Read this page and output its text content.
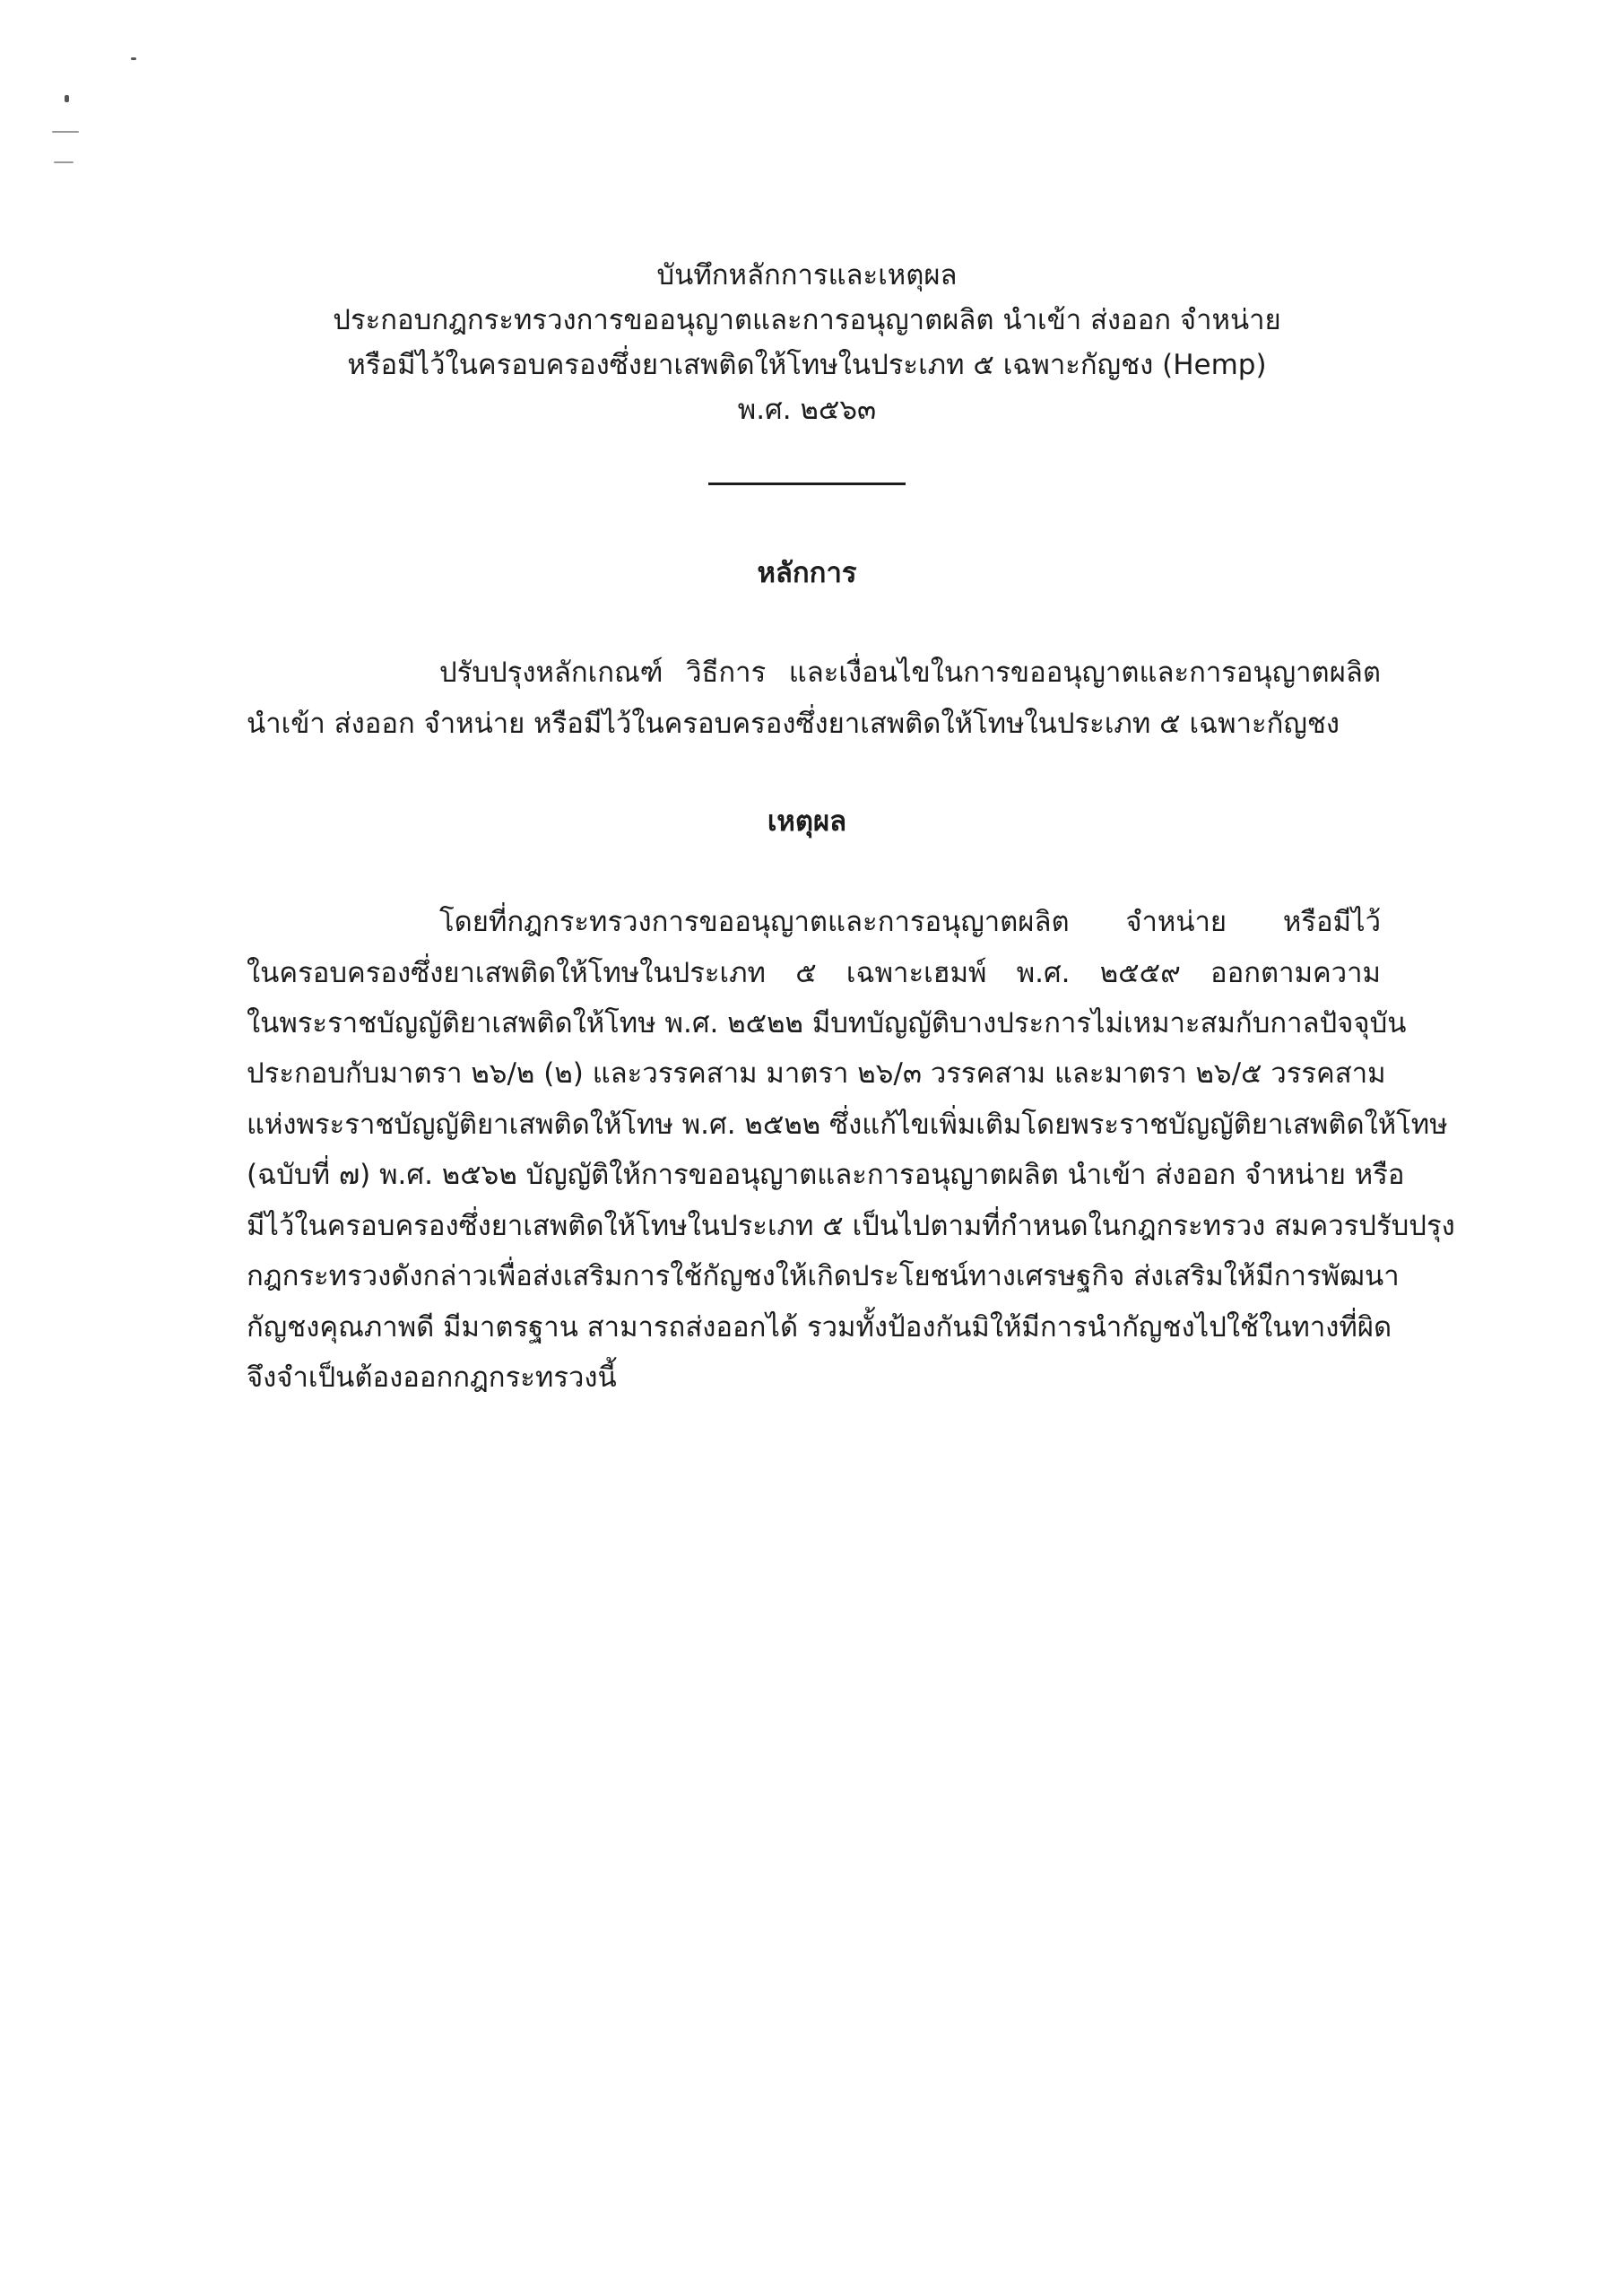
บันทึกหลักการและเหตุผล
ประกอบกฎกระทรวงการขออนุญาตและการอนุญาตผลิต นำเข้า ส่งออก จำหน่าย
หรือมีไว้ในครอบครองซึ่งยาเสพติดให้โทษในประเภท ๕ เฉพาะกัญชง (Hemp)
พ.ศ. ๒๕๖๓
หลักการ
ปรับปรุงหลักเกณฑ์ วิธีการ และเงื่อนไขในการขออนุญาตและการอนุญาตผลิต
นำเข้า ส่งออก จำหน่าย หรือมีไว้ในครอบครองซึ่งยาเสพติดให้โทษในประเภท ๕ เฉพาะกัญชง
เหตุผล
โดยที่กฎกระทรวงการขออนุญาตและการอนุญาตผลิต จำหน่าย หรือมีไว้
ในครอบครองซึ่งยาเสพติดให้โทษในประเภท ๕ เฉพาะเฮมพ์ พ.ศ. ๒๕๕๙ ออกตามความ
ในพระราชบัญญัติยาเสพติดให้โทษ พ.ศ. ๒๕๒๒ มีบทบัญญัติบางประการไม่เหมาะสมกับกาลปัจจุบัน
ประกอบกับมาตรา ๒๖/๒ (๒) และวรรคสาม มาตรา ๒๖/๓ วรรคสาม และมาตรา ๒๖/๕ วรรคสาม
แห่งพระราชบัญญัติยาเสพติดให้โทษ พ.ศ. ๒๕๒๒ ซึ่งแก้ไขเพิ่มเติมโดยพระราชบัญญัติยาเสพติดให้โทษ
(ฉบับที่ ๗) พ.ศ. ๒๕๖๒ บัญญัติให้การขออนุญาตและการอนุญาตผลิต นำเข้า ส่งออก จำหน่าย หรือ
มีไว้ในครอบครองซึ่งยาเสพติดให้โทษในประเภท ๕ เป็นไปตามที่กำหนดในกฎกระทรวง สมควรปรับปรุง
กฎกระทรวงดังกล่าวเพื่อส่งเสริมการใช้กัญชงให้เกิดประโยชน์ทางเศรษฐกิจ ส่งเสริมให้มีการพัฒนา
กัญชงคุณภาพดี มีมาตรฐาน สามารถส่งออกได้ รวมทั้งป้องกันมิให้มีการนำกัญชงไปใช้ในทางที่ผิด
จึงจำเป็นต้องออกกฎกระทรวงนี้
